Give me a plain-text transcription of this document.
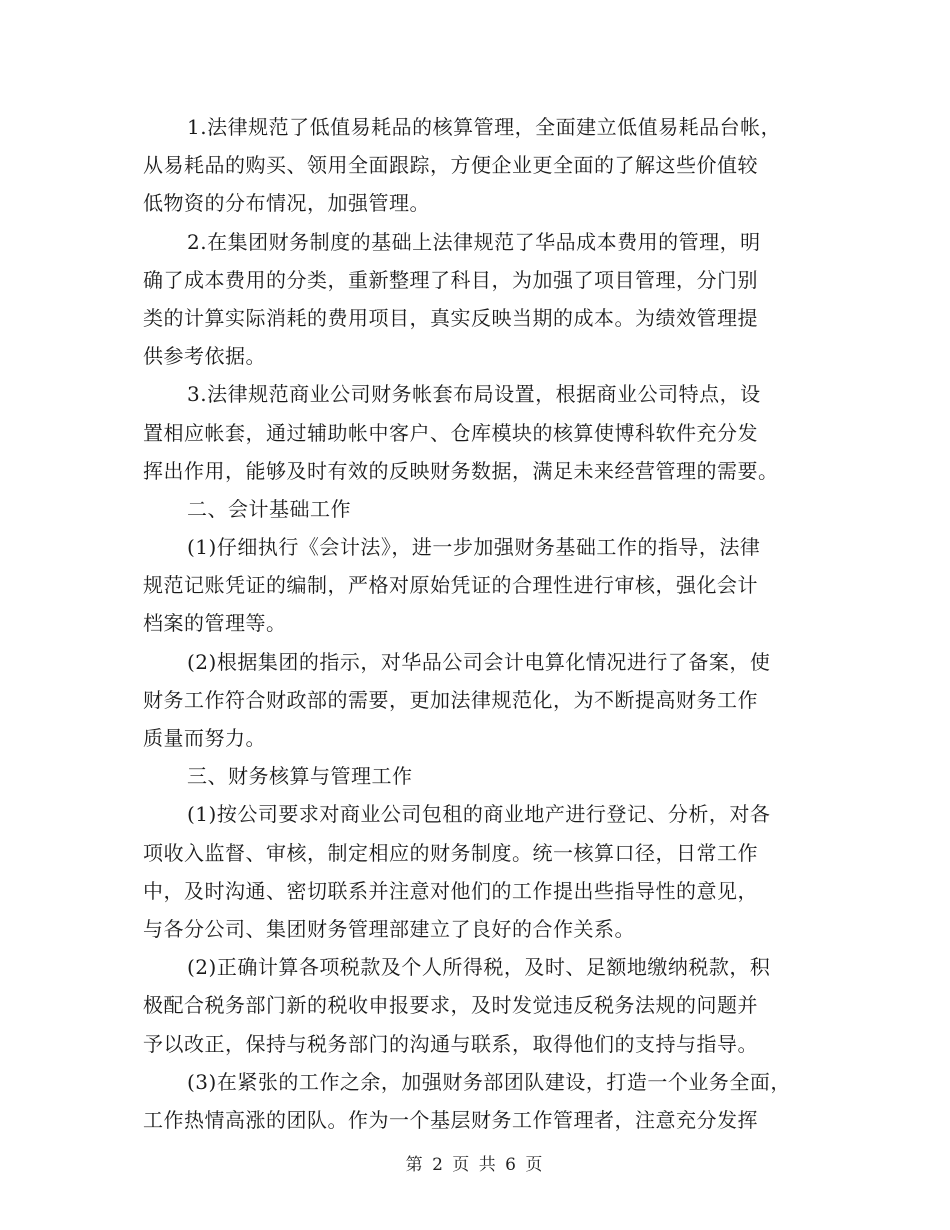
1.法律规范了低值易耗品的核算管理，全面建立低值易耗品台帐，
从易耗品的购买、领用全面跟踪，方便企业更全面的了解这些价值较
低物资的分布情况，加强管理。
2.在集团财务制度的基础上法律规范了华品成本费用的管理，明
确了成本费用的分类，重新整理了科目，为加强了项目管理，分门别
类的计算实际消耗的费用项目，真实反映当期的成本。为绩效管理提
供参考依据。
3.法律规范商业公司财务帐套布局设置，根据商业公司特点，设
置相应帐套，通过辅助帐中客户、仓库模块的核算使博科软件充分发
挥出作用，能够及时有效的反映财务数据，满足未来经营管理的需要。
二、会计基础工作
(1)仔细执行《会计法》，进一步加强财务基础工作的指导，法律
规范记账凭证的编制，严格对原始凭证的合理性进行审核，强化会计
档案的管理等。
(2)根据集团的指示，对华品公司会计电算化情况进行了备案，使
财务工作符合财政部的需要，更加法律规范化，为不断提高财务工作
质量而努力。
三、财务核算与管理工作
(1)按公司要求对商业公司包租的商业地产进行登记、分析，对各
项收入监督、审核，制定相应的财务制度。统一核算口径，日常工作
中，及时沟通、密切联系并注意对他们的工作提出些指导性的意见，
与各分公司、集团财务管理部建立了良好的合作关系。
(2)正确计算各项税款及个人所得税，及时、足额地缴纳税款，积
极配合税务部门新的税收申报要求，及时发觉违反税务法规的问题并
予以改正，保持与税务部门的沟通与联系，取得他们的支持与指导。
(3)在紧张的工作之余，加强财务部团队建设，打造一个业务全面，
工作热情高涨的团队。作为一个基层财务工作管理者，注意充分发挥
第 2 页 共 6 页
